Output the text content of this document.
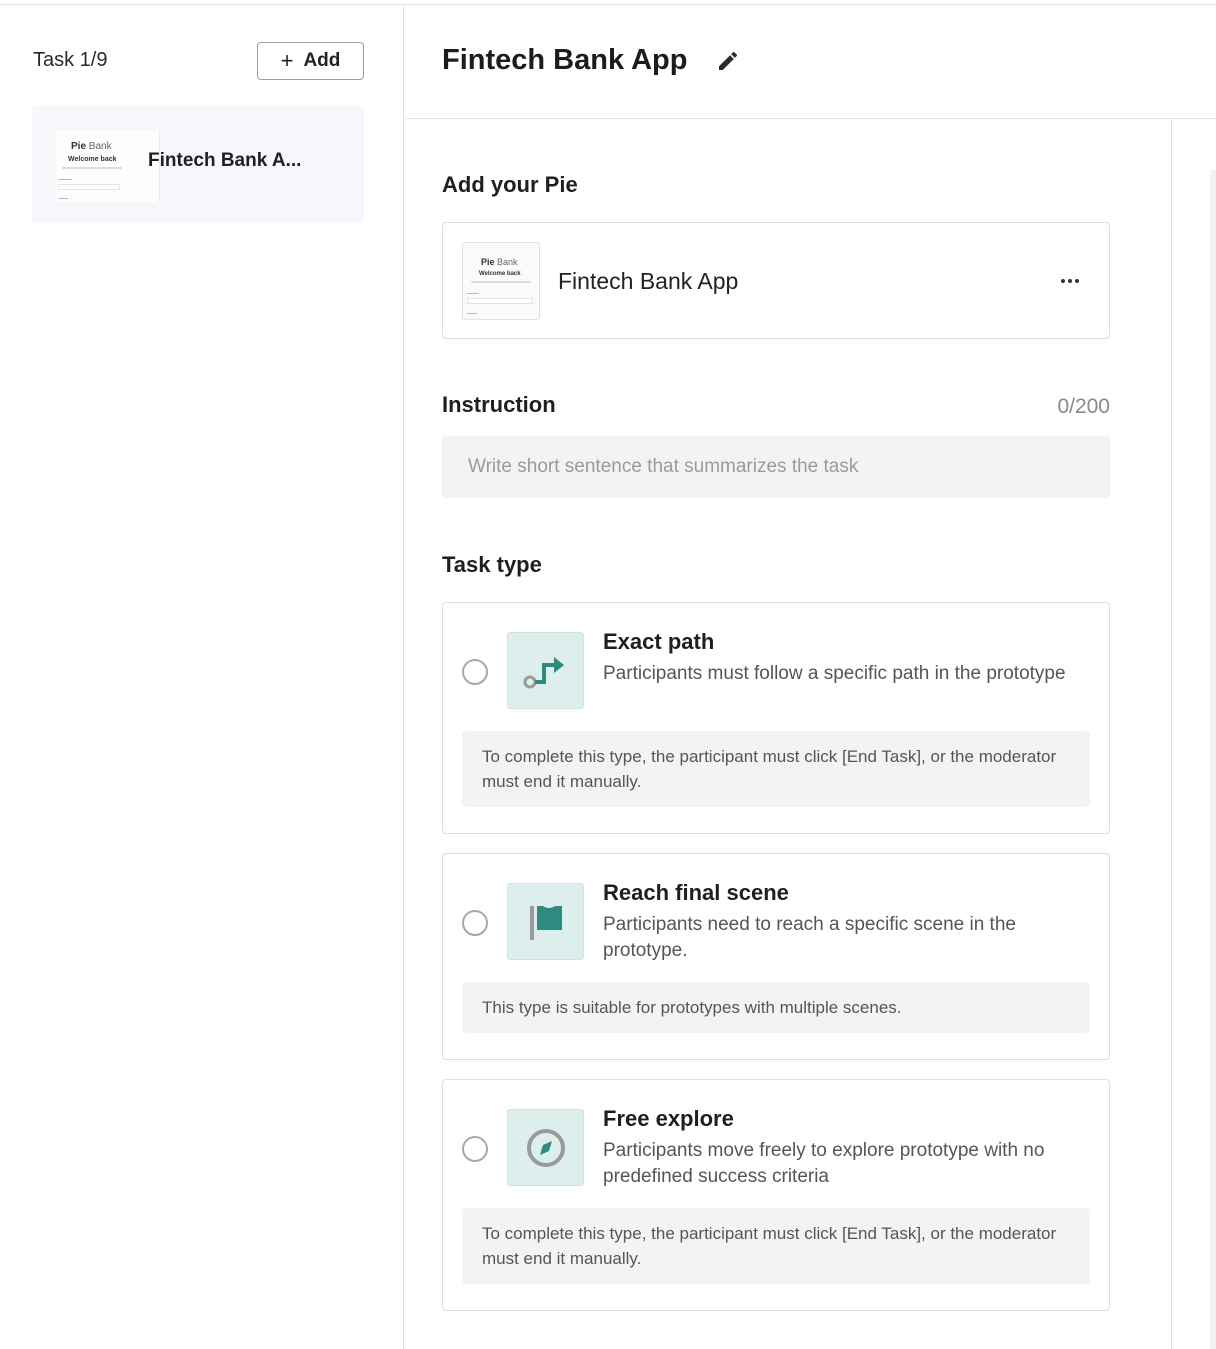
Task 1/9	+ Add
Pie Bank
Welcome back Fintech Bank A...
Fintech Bank App
Add your Pie
Pie Bank
Welcome back Fintech Bank App
Instruction	0/200
Write short sentence that summarizes the task
Task type
Exact path
Participants must follow a specific path in the prototype
To complete this type, the participant must click [End Task], or the moderator must end it manually.
Reach final scene
Participants need to reach a specific scene in the prototype.
This type is suitable for prototypes with multiple scenes.
Free explore
Participants move freely to explore prototype with no predefined success criteria
To complete this type, the participant must click [End Task], or the moderator must end it manually.
